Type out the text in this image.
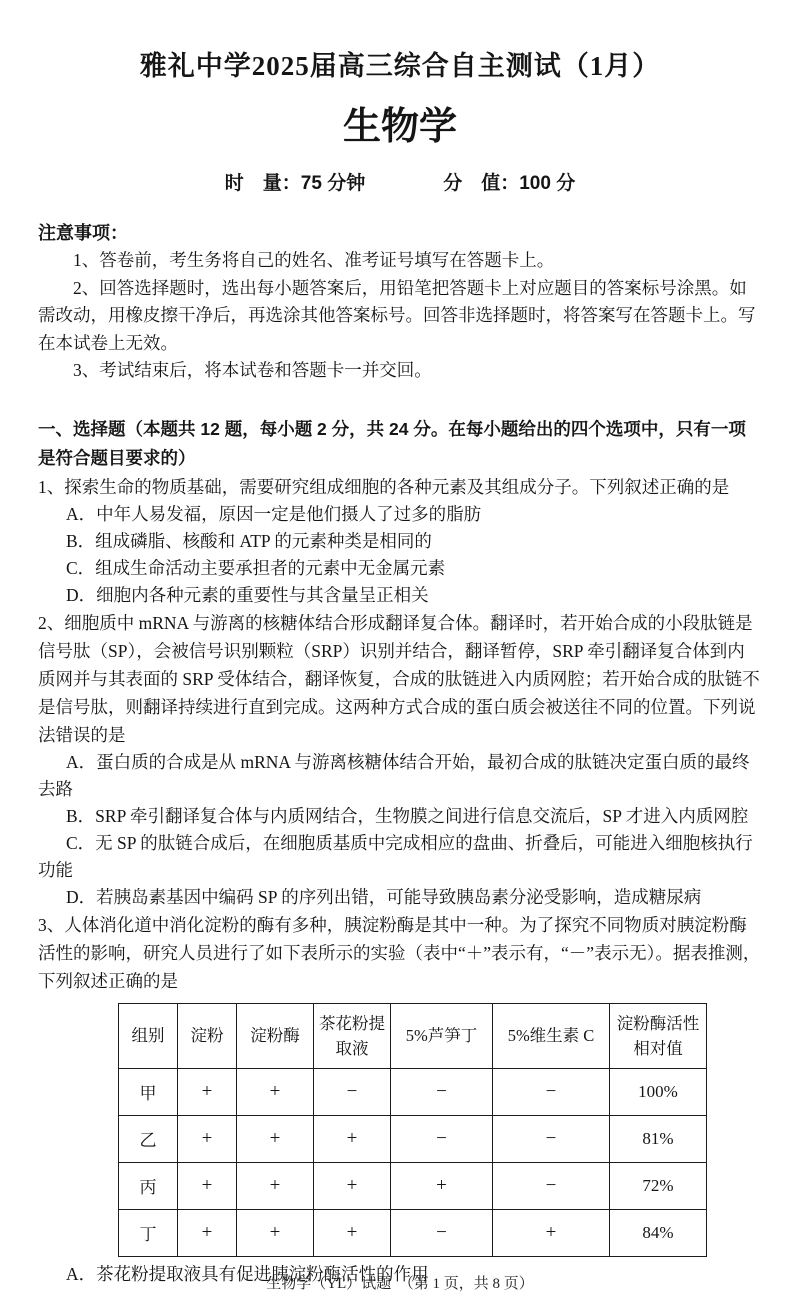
雅礼中学2025届高三综合自主测试（1月）
生物学
时　量：75 分钟	分　值：100 分
注意事项：

1、答卷前，考生务将自己的姓名、准考证号填写在答题卡上。

2、回答选择题时，选出每小题答案后，用铅笔把答题卡上对应题目的答案标号涂黑。如需改动，用橡皮擦干净后，再选涂其他答案标号。回答非选择题时，将答案写在答题卡上。写在本试卷上无效。

3、考试结束后，将本试卷和答题卡一并交回。

一、选择题（本题共 12 题，每小题 2 分，共 24 分。在每小题给出的四个选项中，只有一项是符合题目要求的）

1、探索生命的物质基础，需要研究组成细胞的各种元素及其组成分子。下列叙述正确的是

A．中年人易发福，原因一定是他们摄人了过多的脂肪

B．组成磷脂、核酸和 ATP 的元素种类是相同的

C．组成生命活动主要承担者的元素中无金属元素

D．细胞内各种元素的重要性与其含量呈正相关

2、细胞质中 mRNA 与游离的核糖体结合形成翻译复合体。翻译时，若开始合成的小段肽链是信号肽（SP），会被信号识别颗粒（SRP）识别并结合，翻译暂停，SRP 牵引翻译复合体到内质网并与其表面的 SRP 受体结合，翻译恢复，合成的肽链进入内质网腔；若开始合成的肽链不是信号肽，则翻译持续进行直到完成。这两种方式合成的蛋白质会被送往不同的位置。下列说法错误的是

A．蛋白质的合成是从 mRNA 与游离核糖体结合开始，最初合成的肽链决定蛋白质的最终去路

B．SRP 牵引翻译复合体与内质网结合，生物膜之间进行信息交流后，SP 才进入内质网腔

C．无 SP 的肽链合成后，在细胞质基质中完成相应的盘曲、折叠后，可能进入细胞核执行功能

D．若胰岛素基因中编码 SP 的序列出错，可能导致胰岛素分泌受影响，造成糖尿病

3、人体消化道中消化淀粉的酶有多种，胰淀粉酶是其中一种。为了探究不同物质对胰淀粉酶活性的影响，研究人员进行了如下表所示的实验（表中“＋”表示有，“－”表示无）。据表推测，下列叙述正确的是

组别	淀粉	淀粉酶	茶花粉提取液	5%芦笋丁	5%维生素 C	淀粉酶活性相对值
甲	+	+	−	−	−	100%
乙	+	+	+	−	−	81%
丙	+	+	+	+	−	72%
丁	+	+	+	−	+	84%

A．茶花粉提取液具有促进胰淀粉酶活性的作用

生物学（YL）试题　（第 1 页，共 8 页）
